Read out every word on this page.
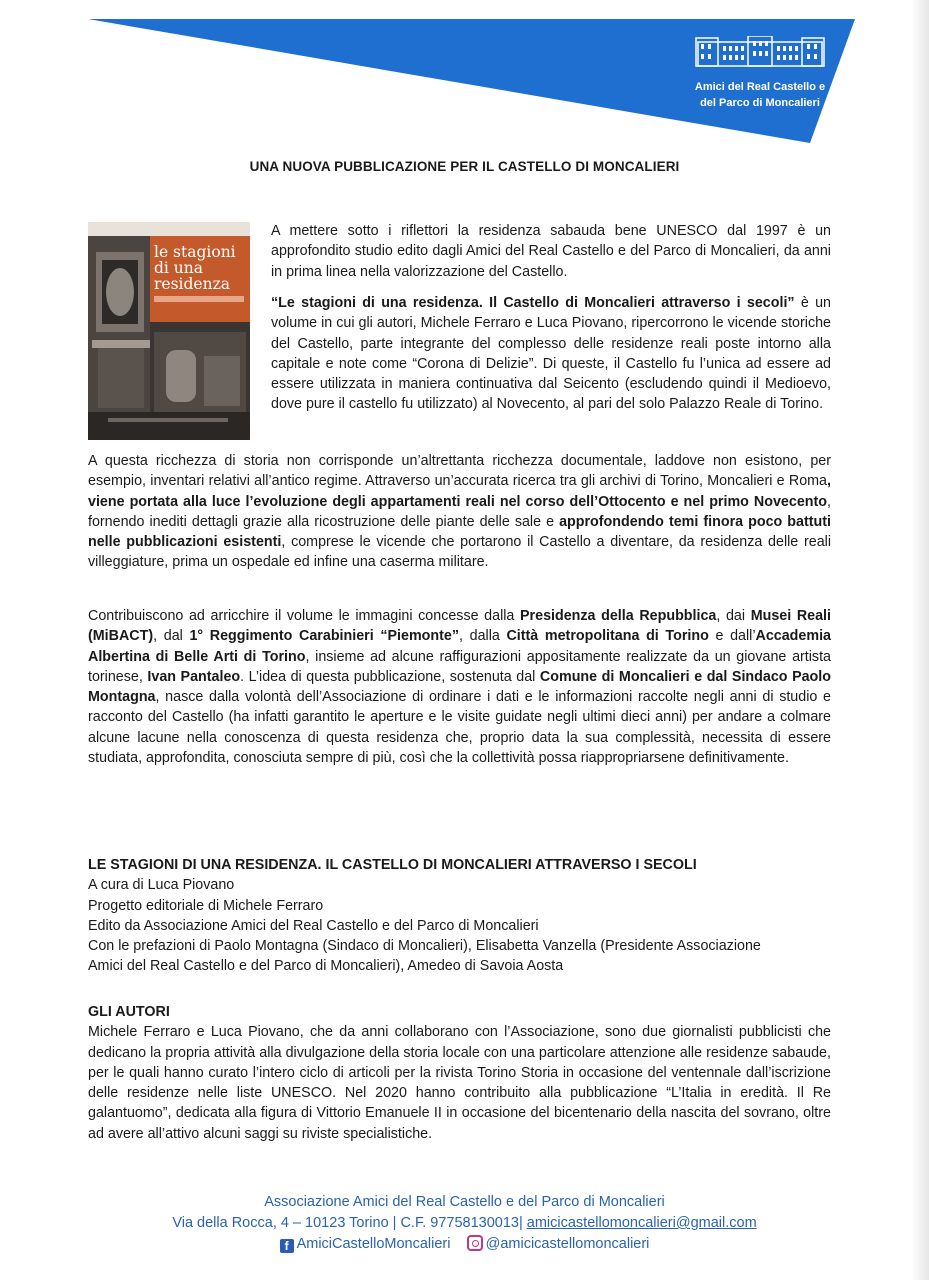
Amici del Real Castello e
del Parco di Moncalieri
UNA NUOVA PUBBLICAZIONE PER IL CASTELLO DI MONCALIERI
le stagioni
di una
residenza

A mettere sotto i riflettori la residenza sabauda bene UNESCO dal 1997 è un approfondito studio edito dagli Amici del Real Castello e del Parco di Moncalieri, da anni in prima linea nella valorizzazione del Castello.

“Le stagioni di una residenza. Il Castello di Moncalieri attraverso i secoli” è un volume in cui gli autori, Michele Ferraro e Luca Piovano, ripercorrono le vicende storiche del Castello, parte integrante del complesso delle residenze reali poste intorno alla capitale e note come “Corona di Delizie”. Di queste, il Castello fu l’unica ad essere ad essere utilizzata in maniera continuativa dal Seicento (escludendo quindi il Medioevo, dove pure il castello fu utilizzato) al Novecento, al pari del solo Palazzo Reale di Torino.

A questa ricchezza di storia non corrisponde un’altrettanta ricchezza documentale, laddove non esistono, per esempio, inventari relativi all’antico regime. Attraverso un’accurata ricerca tra gli archivi di Torino, Moncalieri e Roma, viene portata alla luce l’evoluzione degli appartamenti reali nel corso dell’Ottocento e nel primo Novecento, fornendo inediti dettagli grazie alla ricostruzione delle piante delle sale e approfondendo temi finora poco battuti nelle pubblicazioni esistenti, comprese le vicende che portarono il Castello a diventare, da residenza delle reali villeggiature, prima un ospedale ed infine una caserma militare.

Contribuiscono ad arricchire il volume le immagini concesse dalla Presidenza della Repubblica, dai Musei Reali (MiBACT), dal 1° Reggimento Carabinieri “Piemonte”, dalla Città metropolitana di Torino e dall’Accademia Albertina di Belle Arti di Torino, insieme ad alcune raffigurazioni appositamente realizzate da un giovane artista torinese, Ivan Pantaleo. L’idea di questa pubblicazione, sostenuta dal Comune di Moncalieri e dal Sindaco Paolo Montagna, nasce dalla volontà dell’Associazione di ordinare i dati e le informazioni raccolte negli anni di studio e racconto del Castello (ha infatti garantito le aperture e le visite guidate negli ultimi dieci anni) per andare a colmare alcune lacune nella conoscenza di questa residenza che, proprio data la sua complessità, necessita di essere studiata, approfondita, conosciuta sempre di più, così che la collettività possa riappropriarsene definitivamente.

LE STAGIONI DI UNA RESIDENZA. IL CASTELLO DI MONCALIERI ATTRAVERSO I SECOLI
A cura di Luca Piovano
Progetto editoriale di Michele Ferraro
Edito da Associazione Amici del Real Castello e del Parco di Moncalieri
Con le prefazioni di Paolo Montagna (Sindaco di Moncalieri), Elisabetta Vanzella (Presidente Associazione
Amici del Real Castello e del Parco di Moncalieri), Amedeo di Savoia Aosta
GLI AUTORI
Michele Ferraro e Luca Piovano, che da anni collaborano con l’Associazione, sono due giornalisti pubblicisti che dedicano la propria attività alla divulgazione della storia locale con una particolare attenzione alle residenze sabaude, per le quali hanno curato l’intero ciclo di articoli per la rivista Torino Storia in occasione del ventennale dall’iscrizione delle residenze nelle liste UNESCO. Nel 2020 hanno contribuito alla pubblicazione “L’Italia in eredità. Il Re galantuomo”, dedicata alla figura di Vittorio Emanuele II in occasione del bicentenario della nascita del sovrano, oltre ad avere all’attivo alcuni saggi su riviste specialistiche.
Associazione Amici del Real Castello e del Parco di Moncalieri
Via della Rocca, 4 – 10123 Torino | C.F. 97758130013| amicicastellomoncalieri@gmail.com
f AmiciCastelloMoncalieri @amicicastellomoncalieri
